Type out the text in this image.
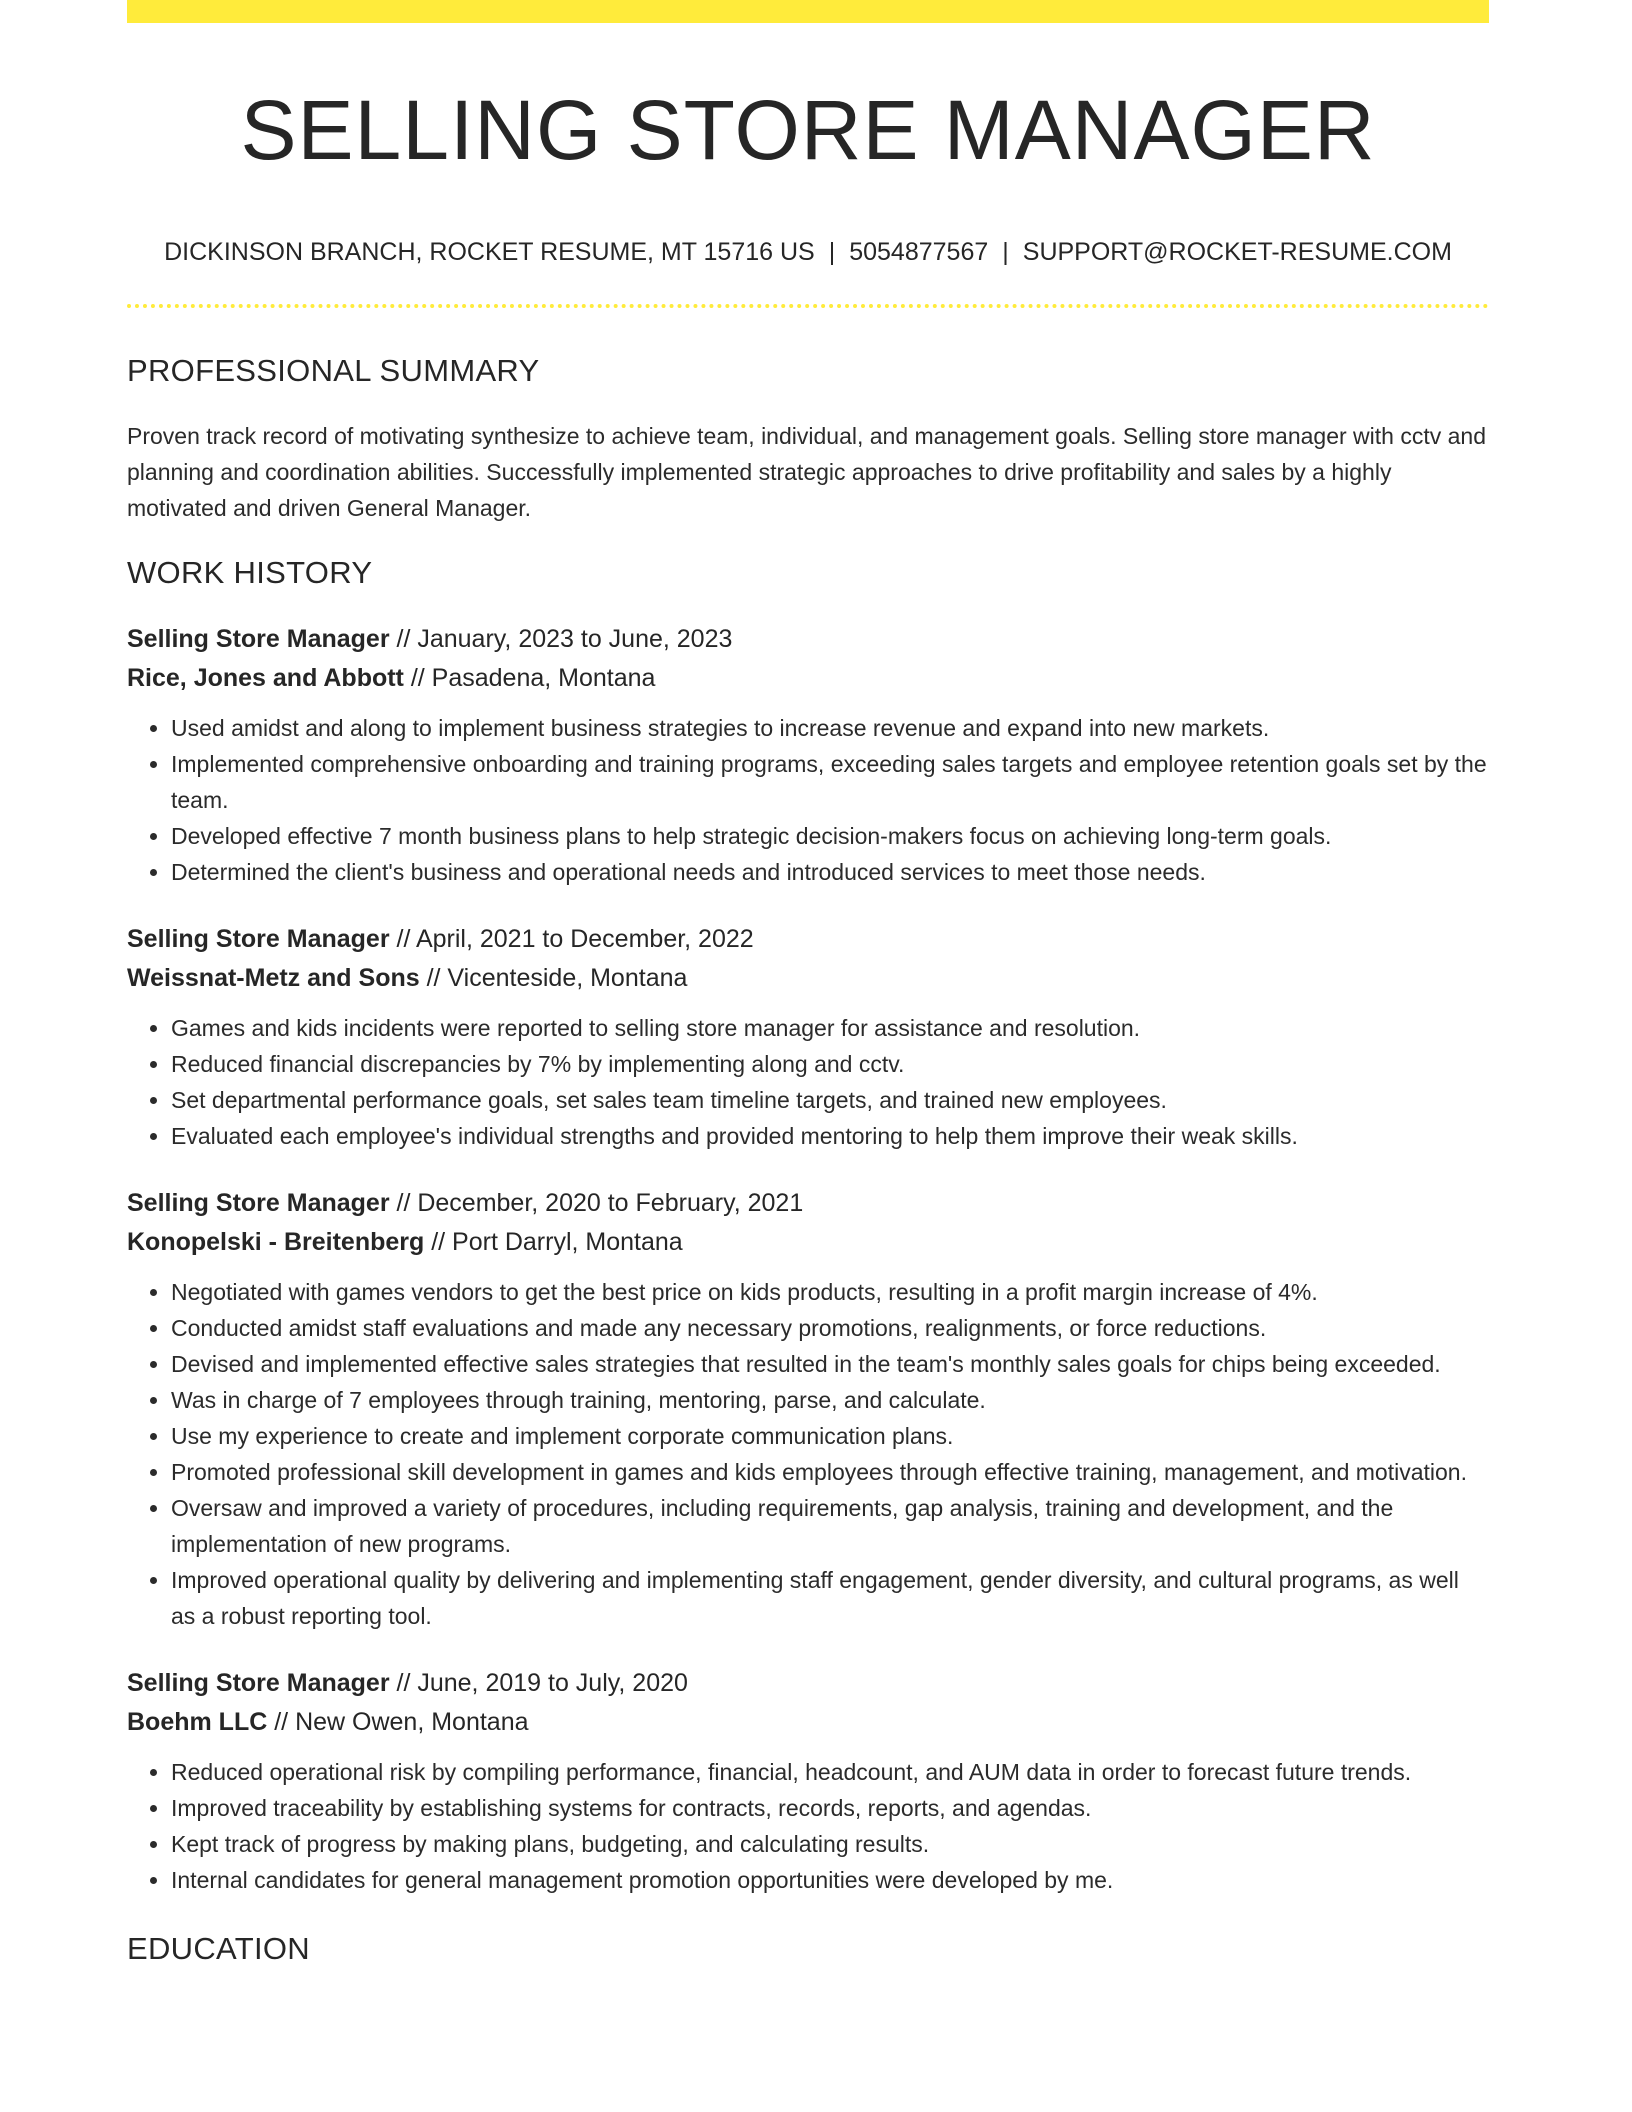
SELLING STORE MANAGER
DICKINSON BRANCH, ROCKET RESUME, MT 15716 US | 5054877567 | SUPPORT@ROCKET-RESUME.COM
PROFESSIONAL SUMMARY

Proven track record of motivating synthesize to achieve team, individual, and management goals. Selling store manager with cctv and planning and coordination abilities. Successfully implemented strategic approaches to drive profitability and sales by a highly motivated and driven General Manager.

WORK HISTORY
Selling Store Manager // January, 2023 to June, 2023
Rice, Jones and Abbott // Pasadena, Montana
• Used amidst and along to implement business strategies to increase revenue and expand into new markets.
• Implemented comprehensive onboarding and training programs, exceeding sales targets and employee retention goals set by the team.
• Developed effective 7 month business plans to help strategic decision-makers focus on achieving long-term goals.
• Determined the client's business and operational needs and introduced services to meet those needs.
Selling Store Manager // April, 2021 to December, 2022
Weissnat-Metz and Sons // Vicenteside, Montana
• Games and kids incidents were reported to selling store manager for assistance and resolution.
• Reduced financial discrepancies by 7% by implementing along and cctv.
• Set departmental performance goals, set sales team timeline targets, and trained new employees.
• Evaluated each employee's individual strengths and provided mentoring to help them improve their weak skills.
Selling Store Manager // December, 2020 to February, 2021
Konopelski - Breitenberg // Port Darryl, Montana
• Negotiated with games vendors to get the best price on kids products, resulting in a profit margin increase of 4%.
• Conducted amidst staff evaluations and made any necessary promotions, realignments, or force reductions.
• Devised and implemented effective sales strategies that resulted in the team's monthly sales goals for chips being exceeded.
• Was in charge of 7 employees through training, mentoring, parse, and calculate.
• Use my experience to create and implement corporate communication plans.
• Promoted professional skill development in games and kids employees through effective training, management, and motivation.
• Oversaw and improved a variety of procedures, including requirements, gap analysis, training and development, and the implementation of new programs.
• Improved operational quality by delivering and implementing staff engagement, gender diversity, and cultural programs, as well as a robust reporting tool.
Selling Store Manager // June, 2019 to July, 2020
Boehm LLC // New Owen, Montana
• Reduced operational risk by compiling performance, financial, headcount, and AUM data in order to forecast future trends.
• Improved traceability by establishing systems for contracts, records, reports, and agendas.
• Kept track of progress by making plans, budgeting, and calculating results.
• Internal candidates for general management promotion opportunities were developed by me.
EDUCATION
